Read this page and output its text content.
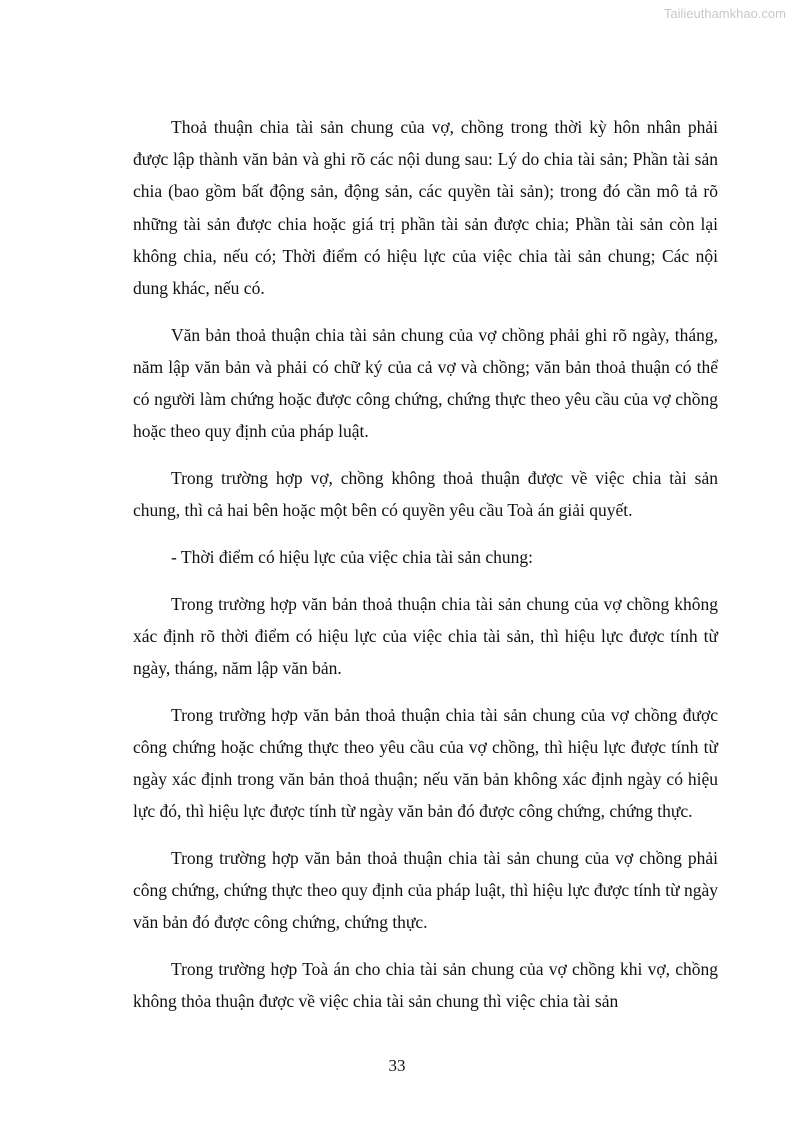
Tailieuthamkhao.com

Thoả thuận chia tài sản chung của vợ, chồng trong thời kỳ hôn nhân phải được lập thành văn bản và ghi rõ các nội dung sau: Lý do chia tài sản; Phần tài sản chia (bao gồm bất động sản, động sản, các quyền tài sản); trong đó cần mô tả rõ những tài sản được chia hoặc giá trị phần tài sản được chia; Phần tài sản còn lại không chia, nếu có; Thời điểm có hiệu lực của việc chia tài sản chung; Các nội dung khác, nếu có.

Văn bản thoả thuận chia tài sản chung của vợ chồng phải ghi rõ ngày, tháng, năm lập văn bản và phải có chữ ký của cả vợ và chồng; văn bản thoả thuận có thể có người làm chứng hoặc được công chứng, chứng thực theo yêu cầu của vợ chồng hoặc theo quy định của pháp luật.

Trong trường hợp vợ, chồng không thoả thuận được về việc chia tài sản chung, thì cả hai bên hoặc một bên có quyền yêu cầu Toà án giải quyết.

- Thời điểm có hiệu lực của việc chia tài sản chung:

Trong trường hợp văn bản thoả thuận chia tài sản chung của vợ chồng không xác định rõ thời điểm có hiệu lực của việc chia tài sản, thì hiệu lực được tính từ ngày, tháng, năm lập văn bản.

Trong trường hợp văn bản thoả thuận chia tài sản chung của vợ chồng được công chứng hoặc chứng thực theo yêu cầu của vợ chồng, thì hiệu lực được tính từ ngày xác định trong văn bản thoả thuận; nếu văn bản không xác định ngày có hiệu lực đó, thì hiệu lực được tính từ ngày văn bản đó được công chứng, chứng thực.

Trong trường hợp văn bản thoả thuận chia tài sản chung của vợ chồng phải công chứng, chứng thực theo quy định của pháp luật, thì hiệu lực được tính từ ngày văn bản đó được công chứng, chứng thực.

Trong trường hợp Toà án cho chia tài sản chung của vợ chồng khi vợ, chồng không thỏa thuận được về việc chia tài sản chung thì việc chia tài sản

33
